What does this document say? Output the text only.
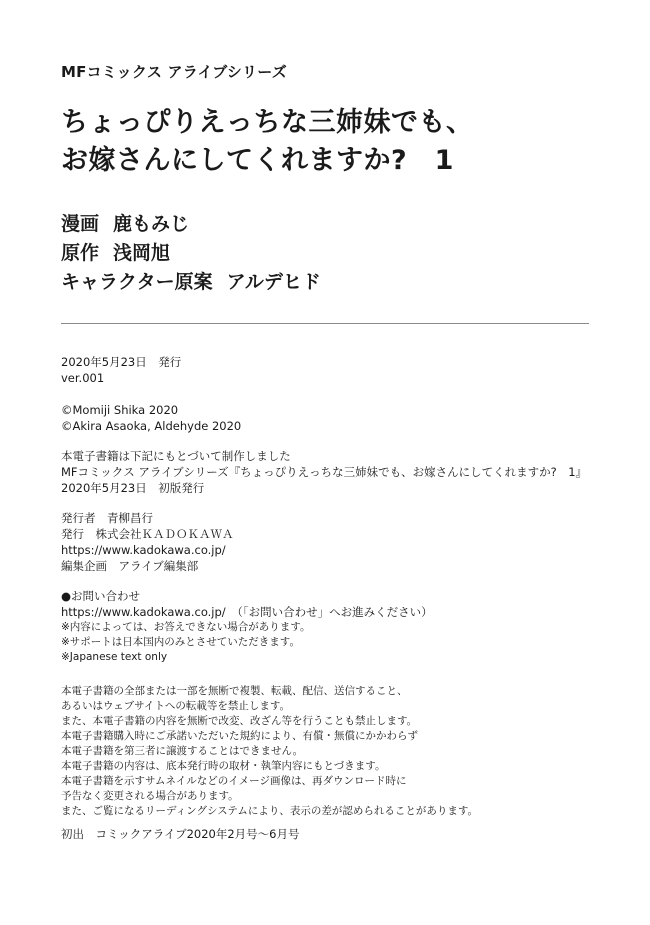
MFコミックス アライブシリーズ
ちょっぴりえっちな三姉妹でも、
お嫁さんにしてくれますか?　1
漫画 鹿もみじ
原作 浅岡旭
キャラクター原案 アルデヒド
2020年5月23日　発行
ver.001
©Momiji Shika 2020
©Akira Asaoka, Aldehyde 2020
本電子書籍は下記にもとづいて制作しました
MFコミックス アライブシリーズ『ちょっぴりえっちな三姉妹でも、お嫁さんにしてくれますか?　1』
2020年5月23日　初版発行
発行者　青柳昌行
発行　株式会社ＫＡＤＯＫＡＷＡ
https://www.kadokawa.co.jp/
編集企画　アライブ編集部
●お問い合わせ
https://www.kadokawa.co.jp/　（「お問い合わせ」へお進みください）
※内容によっては、お答えできない場合があります。
※サポートは日本国内のみとさせていただきます。
※Japanese text only
本電子書籍の全部または一部を無断で複製、転載、配信、送信すること、
あるいはウェブサイトへの転載等を禁止します。
また、本電子書籍の内容を無断で改変、改ざん等を行うことも禁止します。
本電子書籍購入時にご承諾いただいた規約により、有償・無償にかかわらず
本電子書籍を第三者に譲渡することはできません。
本電子書籍の内容は、底本発行時の取材・執筆内容にもとづきます。
本電子書籍を示すサムネイルなどのイメージ画像は、再ダウンロード時に
予告なく変更される場合があります。
また、ご覧になるリーディングシステムにより、表示の差が認められることがあります。
初出　コミックアライブ2020年2月号～6月号
